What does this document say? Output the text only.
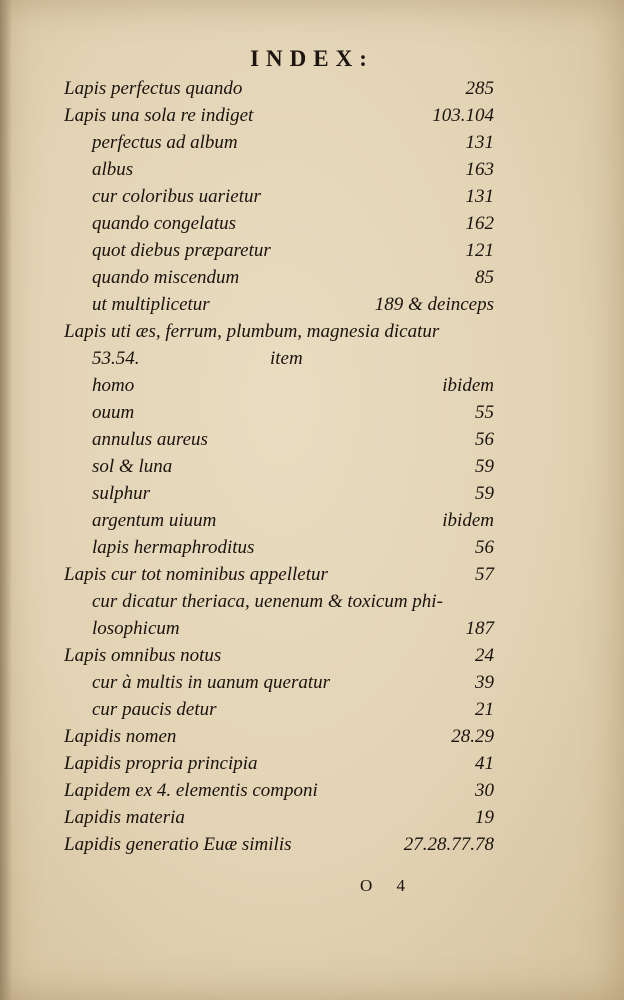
INDEX:
Lapis perfectus quando	285
Lapis una sola re indiget	103.104
perfectus ad album	131
albus	163
cur coloribus uarietur	131
quando congelatus	162
quot diebus præparetur	121
quando miscendum	85
ut multiplicetur	189 & deinceps
Lapis uti æs, ferrum, plumbum, magnesia dicatur
53.54.	item
homo	ibidem
ouum	55
annulus aureus	56
sol & luna	59
sulphur	59
argentum uiuum	ibidem
lapis hermaphroditus	56
Lapis cur tot nominibus appelletur	57
cur dicatur theriaca, uenenum & toxicum phi-
losophicum	187
Lapis omnibus notus	24
cur à multis in uanum queratur	39
cur paucis detur	21
Lapidis nomen	28.29
Lapidis propria principia	41
Lapidem ex 4. elementis componi	30
Lapidis materia	19
Lapidis generatio Euæ similis	27.28.77.78
O 4
